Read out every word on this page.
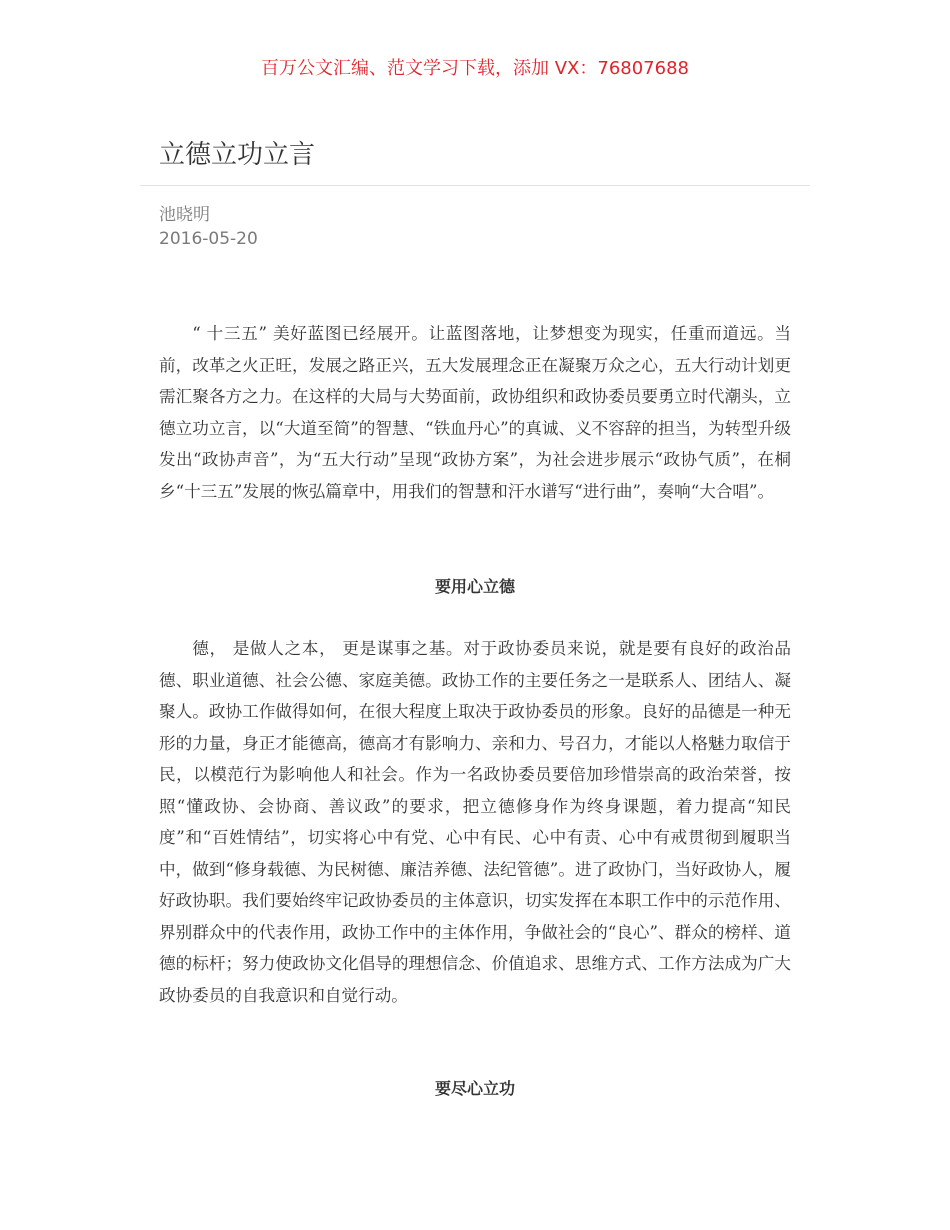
百万公文汇编、范文学习下载，添加 VX：76807688
立德立功立言
池晓明
2016-05-20

“ 十三五” 美好蓝图已经展开。让蓝图落地，让梦想变为现实，任重而道远。当前，改革之火正旺，发展之路正兴，五大发展理念正在凝聚万众之心，五大行动计划更需汇聚各方之力。在这样的大局与大势面前，政协组织和政协委员要勇立时代潮头，立德立功立言，以“大道至简”的智慧、“铁血丹心”的真诚、义不容辞的担当，为转型升级发出“政协声音”，为“五大行动”呈现“政协方案”，为社会进步展示“政协气质”，在桐乡“十三五”发展的恢弘篇章中，用我们的智慧和汗水谱写“进行曲”，奏响“大合唱”。

要用心立德

德， 是做人之本， 更是谋事之基。对于政协委员来说，就是要有良好的政治品德、职业道德、社会公德、家庭美德。政协工作的主要任务之一是联系人、团结人、凝聚人。政协工作做得如何，在很大程度上取决于政协委员的形象。良好的品德是一种无形的力量，身正才能德高，德高才有影响力、亲和力、号召力，才能以人格魅力取信于民，以模范行为影响他人和社会。作为一名政协委员要倍加珍惜崇高的政治荣誉，按照“懂政协、会协商、善议政”的要求，把立德修身作为终身课题，着力提高“知民度”和“百姓情结”，切实将心中有党、心中有民、心中有责、心中有戒贯彻到履职当中，做到“修身载德、为民树德、廉洁养德、法纪管德”。进了政协门，当好政协人，履好政协职。我们要始终牢记政协委员的主体意识，切实发挥在本职工作中的示范作用、界别群众中的代表作用，政协工作中的主体作用，争做社会的“良心”、群众的榜样、道德的标杆；努力使政协文化倡导的理想信念、价值追求、思维方式、工作方法成为广大政协委员的自我意识和自觉行动。

要尽心立功
